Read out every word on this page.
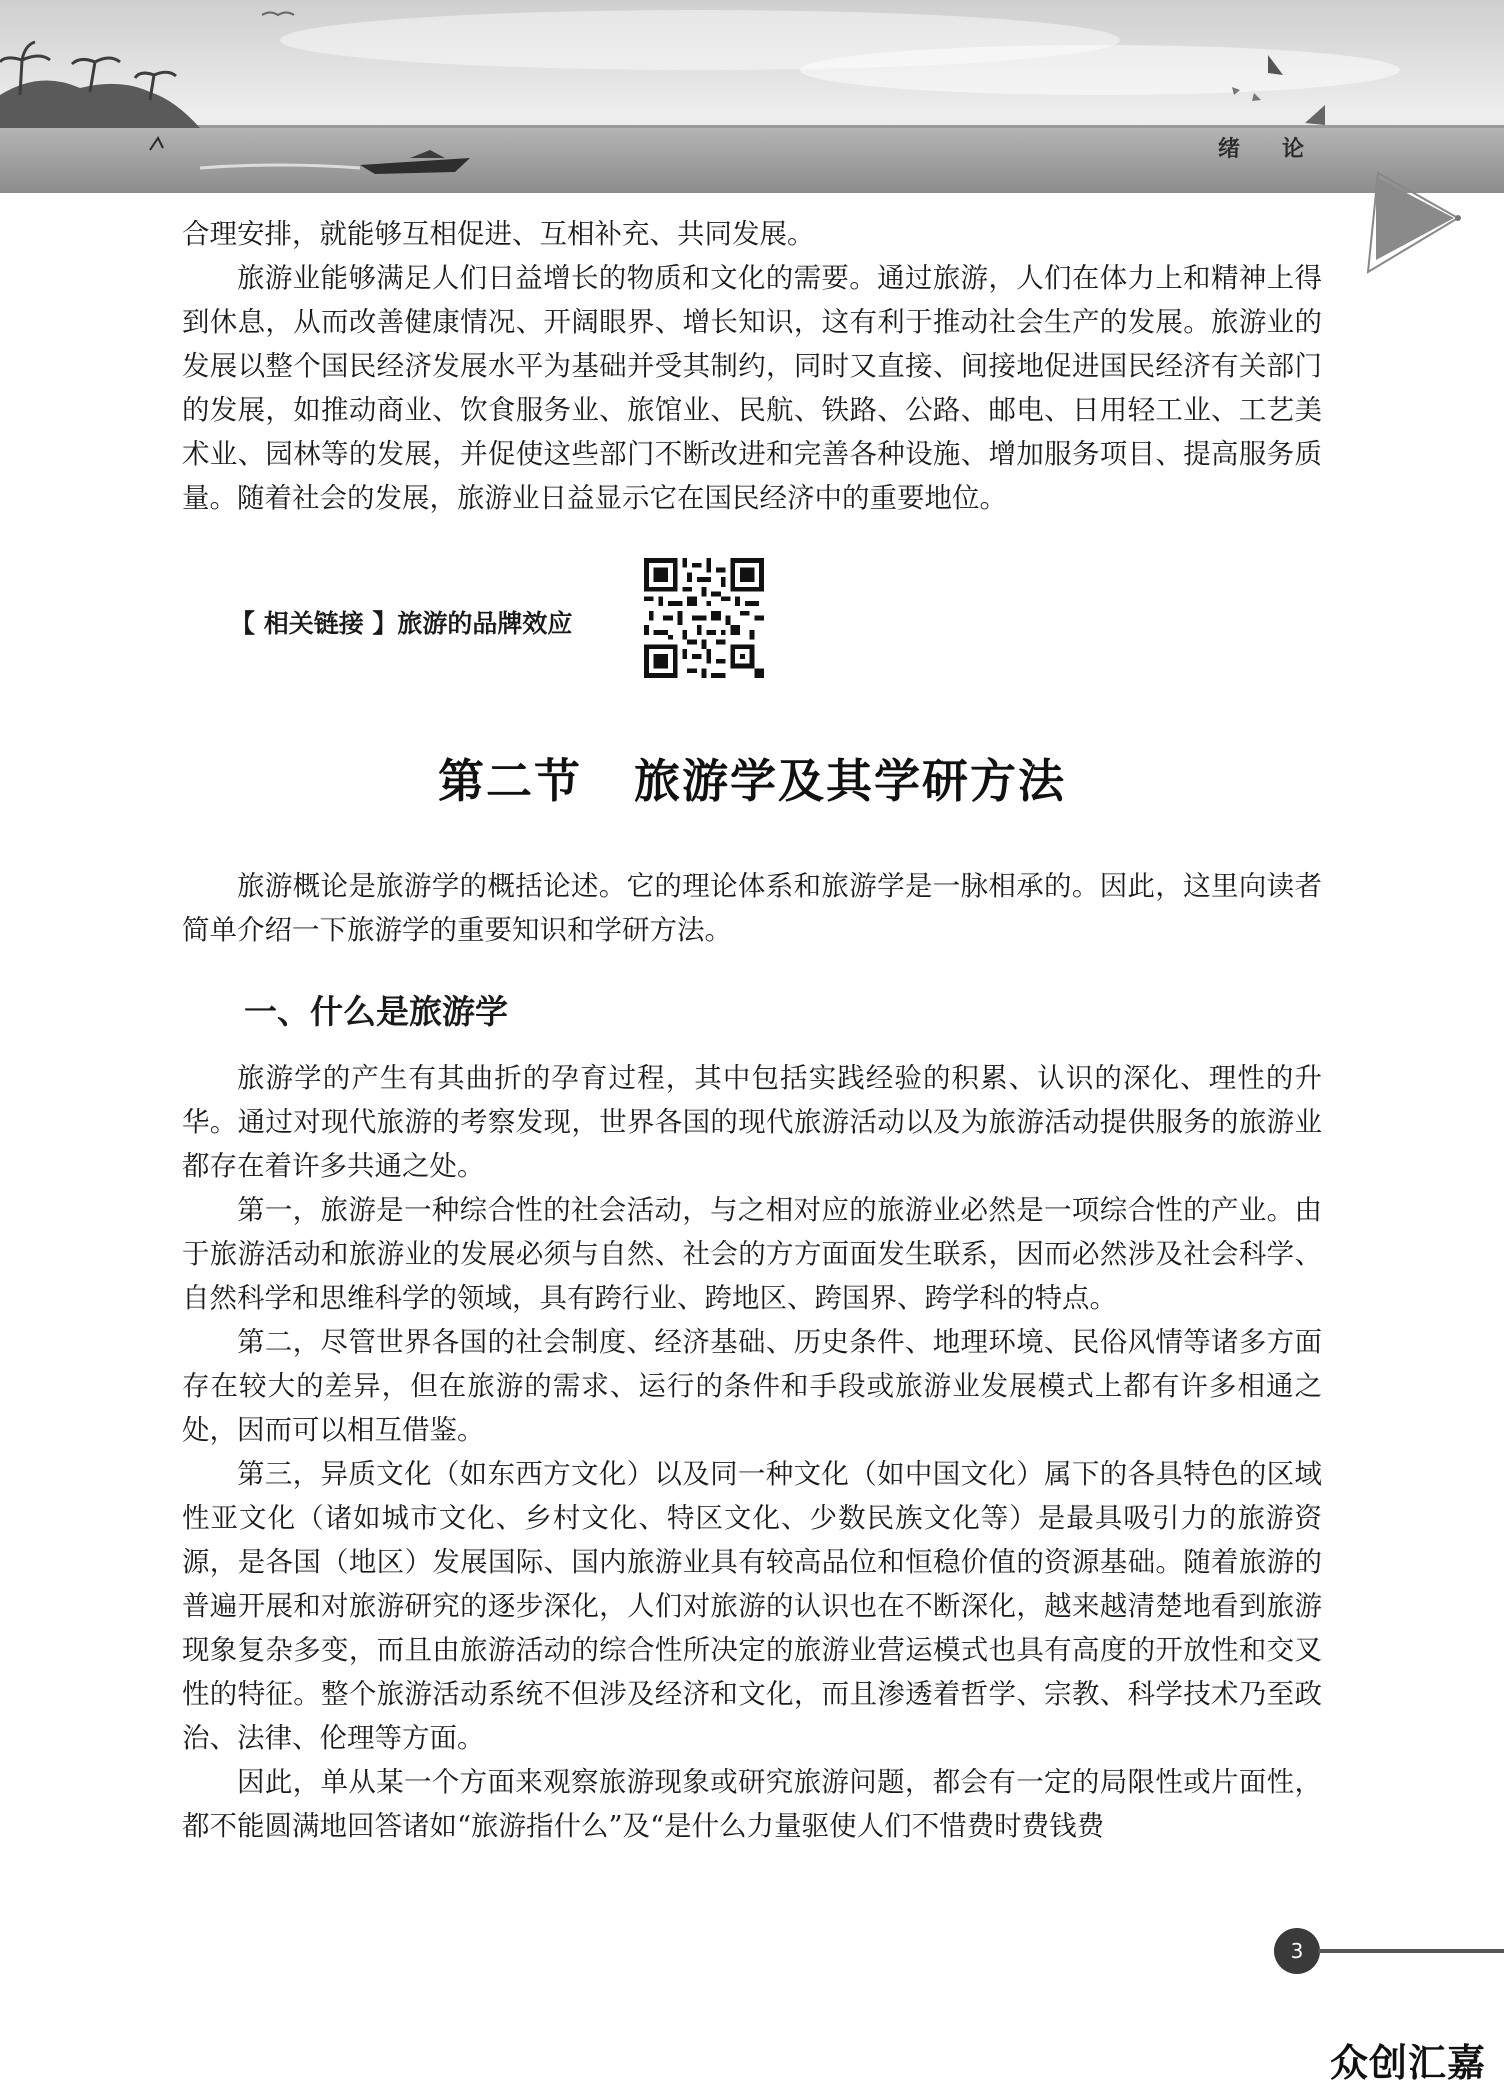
绪论

合理安排，就能够互相促进、互相补充、共同发展。

旅游业能够满足人们日益增长的物质和文化的需要。通过旅游，人们在体力上和精神上得到休息，从而改善健康情况、开阔眼界、增长知识，这有利于推动社会生产的发展。旅游业的发展以整个国民经济发展水平为基础并受其制约，同时又直接、间接地促进国民经济有关部门的发展，如推动商业、饮食服务业、旅馆业、民航、铁路、公路、邮电、日用轻工业、工艺美术业、园林等的发展，并促使这些部门不断改进和完善各种设施、增加服务项目、提高服务质量。随着社会的发展，旅游业日益显示它在国民经济中的重要地位。

【 相关链接 】旅游的品牌效应
第二节 旅游学及其学研方法

旅游概论是旅游学的概括论述。它的理论体系和旅游学是一脉相承的。因此，这里向读者简单介绍一下旅游学的重要知识和学研方法。

一、什么是旅游学

旅游学的产生有其曲折的孕育过程，其中包括实践经验的积累、认识的深化、理性的升华。通过对现代旅游的考察发现，世界各国的现代旅游活动以及为旅游活动提供服务的旅游业都存在着许多共通之处。

第一，旅游是一种综合性的社会活动，与之相对应的旅游业必然是一项综合性的产业。由于旅游活动和旅游业的发展必须与自然、社会的方方面面发生联系，因而必然涉及社会科学、自然科学和思维科学的领域，具有跨行业、跨地区、跨国界、跨学科的特点。

第二，尽管世界各国的社会制度、经济基础、历史条件、地理环境、民俗风情等诸多方面存在较大的差异，但在旅游的需求、运行的条件和手段或旅游业发展模式上都有许多相通之处，因而可以相互借鉴。

第三，异质文化（如东西方文化）以及同一种文化（如中国文化）属下的各具特色的区域性亚文化（诸如城市文化、乡村文化、特区文化、少数民族文化等）是最具吸引力的旅游资源，是各国（地区）发展国际、国内旅游业具有较高品位和恒稳价值的资源基础。随着旅游的普遍开展和对旅游研究的逐步深化，人们对旅游的认识也在不断深化，越来越清楚地看到旅游现象复杂多变，而且由旅游活动的综合性所决定的旅游业营运模式也具有高度的开放性和交叉性的特征。整个旅游活动系统不但涉及经济和文化，而且渗透着哲学、宗教、科学技术乃至政治、法律、伦理等方面。

因此，单从某一个方面来观察旅游现象或研究旅游问题，都会有一定的局限性或片面性，都不能圆满地回答诸如“旅游指什么”及“是什么力量驱使人们不惜费时费钱费

3
众创汇嘉
